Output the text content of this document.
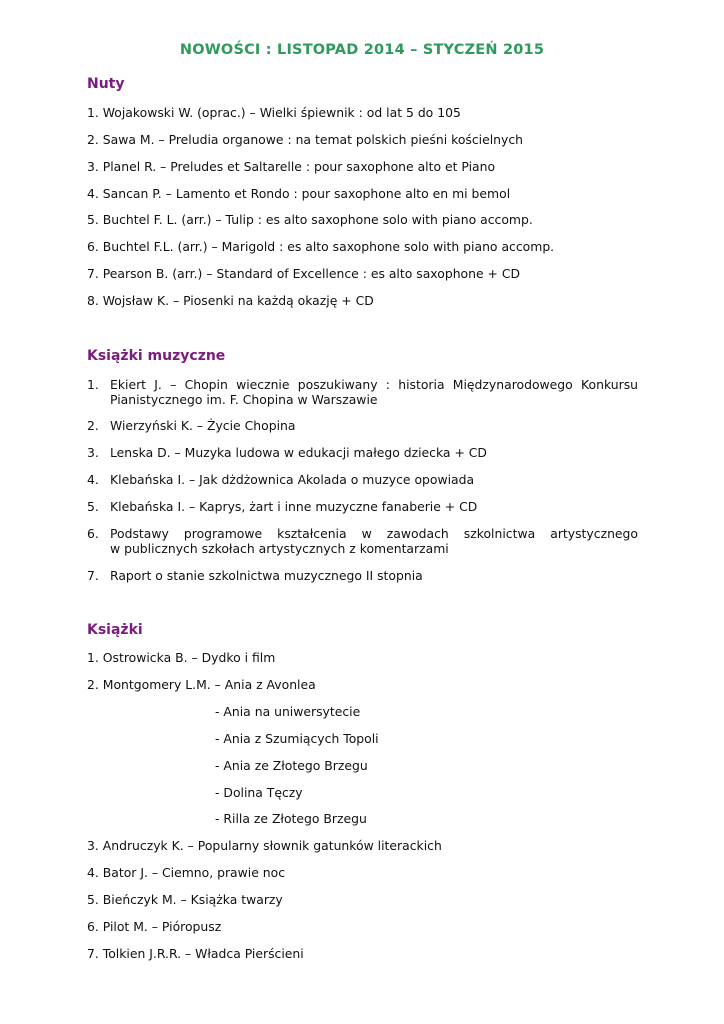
NOWOŚCI : LISTOPAD 2014 – STYCZEŃ 2015
Nuty
1. Wojakowski W. (oprac.) – Wielki śpiewnik : od lat 5 do 105
2. Sawa M. – Preludia organowe : na temat polskich pieśni kościelnych
3. Planel R. – Preludes et Saltarelle : pour saxophone alto et Piano
4. Sancan P. – Lamento et Rondo : pour saxophone alto en mi bemol
5. Buchtel F. L. (arr.) – Tulip : es alto saxophone solo with piano accomp.
6. Buchtel F.L. (arr.) – Marigold : es alto saxophone solo with piano accomp.
7. Pearson B. (arr.) – Standard of Excellence : es alto saxophone + CD
8. Wojsław K. – Piosenki na każdą okazję + CD
Książki muzyczne
1. Ekiert J. – Chopin wiecznie poszukiwany : historia Międzynarodowego Konkursu
Pianistycznego im. F. Chopina w Warszawie
2. Wierzyński K. – Życie Chopina
3. Lenska D. – Muzyka ludowa w edukacji małego dziecka + CD
4. Klebańska I. – Jak dżdżownica Akolada o muzyce opowiada
5. Klebańska I. – Kaprys, żart i inne muzyczne fanaberie + CD
6. Podstawy programowe kształcenia w zawodach szkolnictwa artystycznego
w publicznych szkołach artystycznych z komentarzami
7. Raport o stanie szkolnictwa muzycznego II stopnia
Książki
1. Ostrowicka B. – Dydko i film
2. Montgomery L.M. – Ania z Avonlea
- Ania na uniwersytecie
- Ania z Szumiących Topoli
- Ania ze Złotego Brzegu
- Dolina Tęczy
- Rilla ze Złotego Brzegu
3. Andruczyk K. – Popularny słownik gatunków literackich
4. Bator J. – Ciemno, prawie noc
5. Bieńczyk M. – Książka twarzy
6. Pilot M. – Pióropusz
7. Tolkien J.R.R. – Władca Pierścieni
